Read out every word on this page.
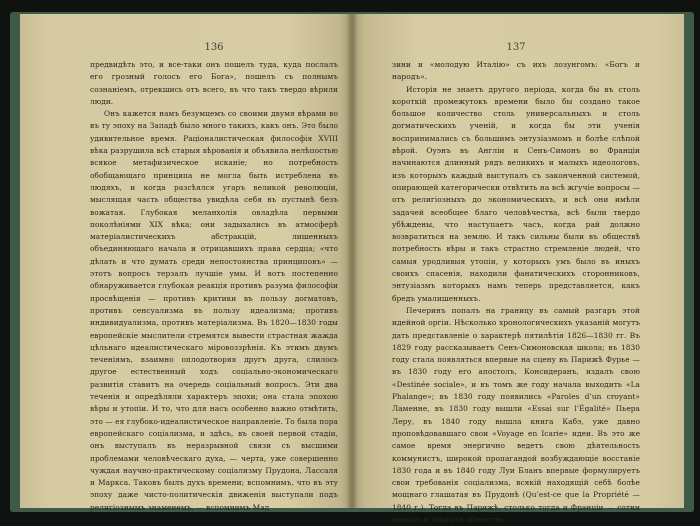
136

предвидѣть это, и все-таки онъ пошелъ туда, куда послалъ его грозный голосъ его Бога», пошелъ съ полнымъ сознаніемъ, отрекшись отъ всего, въ что такъ твердо вѣрили люди.

Онъ кажется намъ безумцемъ со своими двумя вѣрами во въ ту эпоху на Западѣ было много такихъ, какъ онъ. Это было удивительное время. Раціоналистическая философія XVIII вѣка разрушила всѣ старыя вѣрованія и объявила нелѣпостью всякое метафизическое исканіе; но потребность обобщающаго принципа не могла быть истреблена въ людяхъ, и когда разсѣялся угаръ великой революціи, мыслящая часть общества увидѣла себя въ пустынѣ безъ вожатая. Глубокая меланхолія овладѣла первыми поколѣніями XIX вѣка; они задыхались въ атмосферѣ матеріалистическихъ абстракцій, лишенныхъ объединяющаго начала и отрицавшихъ права сердца; «что дѣлать и что думать среди непостоянства принциповъ» — этотъ вопросъ терзалъ лучшіе умы. И вотъ постепенно обнаруживается глубокая реакція противъ разума философіи просвѣщенія — противъ критики въ пользу догматовъ, противъ сенсуализма въ пользу идеализма; противъ индивидуализма, противъ матеріализма. Въ 1820—1830 годы европейскіе мыслители стремятся вывести страстная жажда цѣльнаго идеалистическаго міровоззрѣнія. Къ этимъ двумъ теченіямъ, взаимно оплодотворяя другъ друга, слилось другое естественный ходъ соціально-экономическаго развитія ставитъ на очередь соціальный вопросъ. Эти два теченія и опредѣляли характеръ эпохи; она стала эпохою вѣры и утопіи. И то, что для насъ особенно важно отмѣтить, это — ея глубоко-идеалистическое направленіе. То была пора европейскаго соціализма, и здѣсь, въ своей первой стадіи, онъ выступалъ въ неразрывной связи съ высшими проблемами человѣческаго духа, — черта, уже совершенно чуждая научно-практическому соціализму Прудона, Лассаля и Маркса. Таковъ былъ духъ времени; вспомнимъ, что въ эту эпоху даже чисто-политическія движенія выступали подъ религіознымъ знаменемъ, — вспомнимъ Мад

137

зини и «молодую Италію» съ ихъ лозунгомъ: «Богъ и народъ».

Исторія не знаетъ другого періода, когда бы въ столь короткій промежутокъ времени было бы создано такое большое количество столь универсальныхъ и столь догматическихъ ученій, и когда бы эти ученія воспринимались съ большимъ энтузіазмомъ и болѣе слѣпой вѣрой. Оуэнъ въ Англіи и Сенъ-Симонъ во Франціи начинаются длинный рядъ великихъ и малыхъ идеологовъ, изъ которыхъ каждый выступалъ съ законченной системой, опирающей категорически отвѣтить на всѣ жгучіе вопросы — отъ религіозныхъ до экономическихъ, и всѣ они имѣли задачей всеобщее благо человѣчества, всѣ были твердо убѣждены, что наступаетъ часъ, когда рай должно возвратиться на землю. И такъ сильны были въ обществѣ потребность вѣры и такъ страстно стремленіе людей, что самыя уродливыя утопіи, у которыхъ умъ было въ иныхъ своихъ спасенія, находили фанатическихъ сторонниковъ, энтузіазмъ которыхъ намъ теперь представляется, какъ бредъ умалишенныхъ.

Печеринъ попалъ на границу въ самый разгаръ этой идейной оргіи. Нѣсколько хронологическихъ указаній могутъ дать представленіе о характерѣ пятилѣтія 1826—1830 гг. Въ 1829 году рассказываетъ Сенъ-Симоновская школа; въ 1830 году стала появляться впервые на сцену въ Парижѣ Фурье — въ 1830 году его апостолъ, Консидеранъ, издалъ свою «Destinée sociale», и въ томъ же году начала выходить «La Phalange»; въ 1830 году появились «Paroles d’un croyant» Ламенне, въ 1830 году вышли «Essai sur l’Égalité» Пьера Леру, въ 1840 году вышла книга Кабэ, уже давно проповѣдовавшаго свои «Voyage en Icarie» идеи. Въ это же самое время энергично ведетъ свою дѣятельность коммунистъ, широкой пропагандой возбуждающіе восстаніе 1830 года и въ 1840 году Луи Бланъ впервые формулируетъ свои требованія соціализма, всякій находящій себѣ болѣе мощнаго глашатая въ Прудонѣ (Qu’est-ce que la Propriété — 1840 г.). Тогда въ Парижѣ, столько тогда и Франціи — сотни явныхъ и тайныхъ обществъ
